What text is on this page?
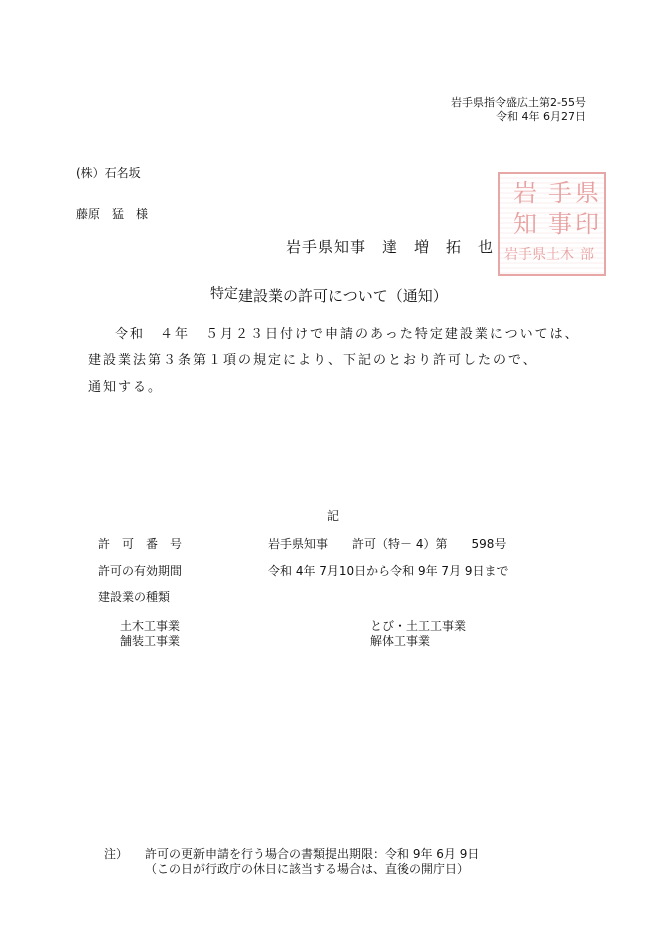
岩手県指令盛広土第2-55号
令和 4年 6月27日
(株）石名坂
岩 手 県
知 事 印
岩手県 土木 部
藤原　猛　様
岩手県知事　達　増　拓　也
特定建設業の許可について（通知）
令和　４年　５月２３日付けで申請のあった特定建設業については、
建設業法第３条第１項の規定により、下記のとおり許可したので、
通知する。
記
許　可　番　号	岩手県知事　　許可（特－ 4）第　　598号
許可の有効期間	令和 4年 7月10日から令和 9年 7月 9日まで
建設業の種類
土木工事業	とび・土工工事業
舗装工事業	解体工事業
注） 許可の更新申請を行う場合の書類提出期限：令和 9年 6月 9日
（この日が行政庁の休日に該当する場合は、直後の開庁日）
